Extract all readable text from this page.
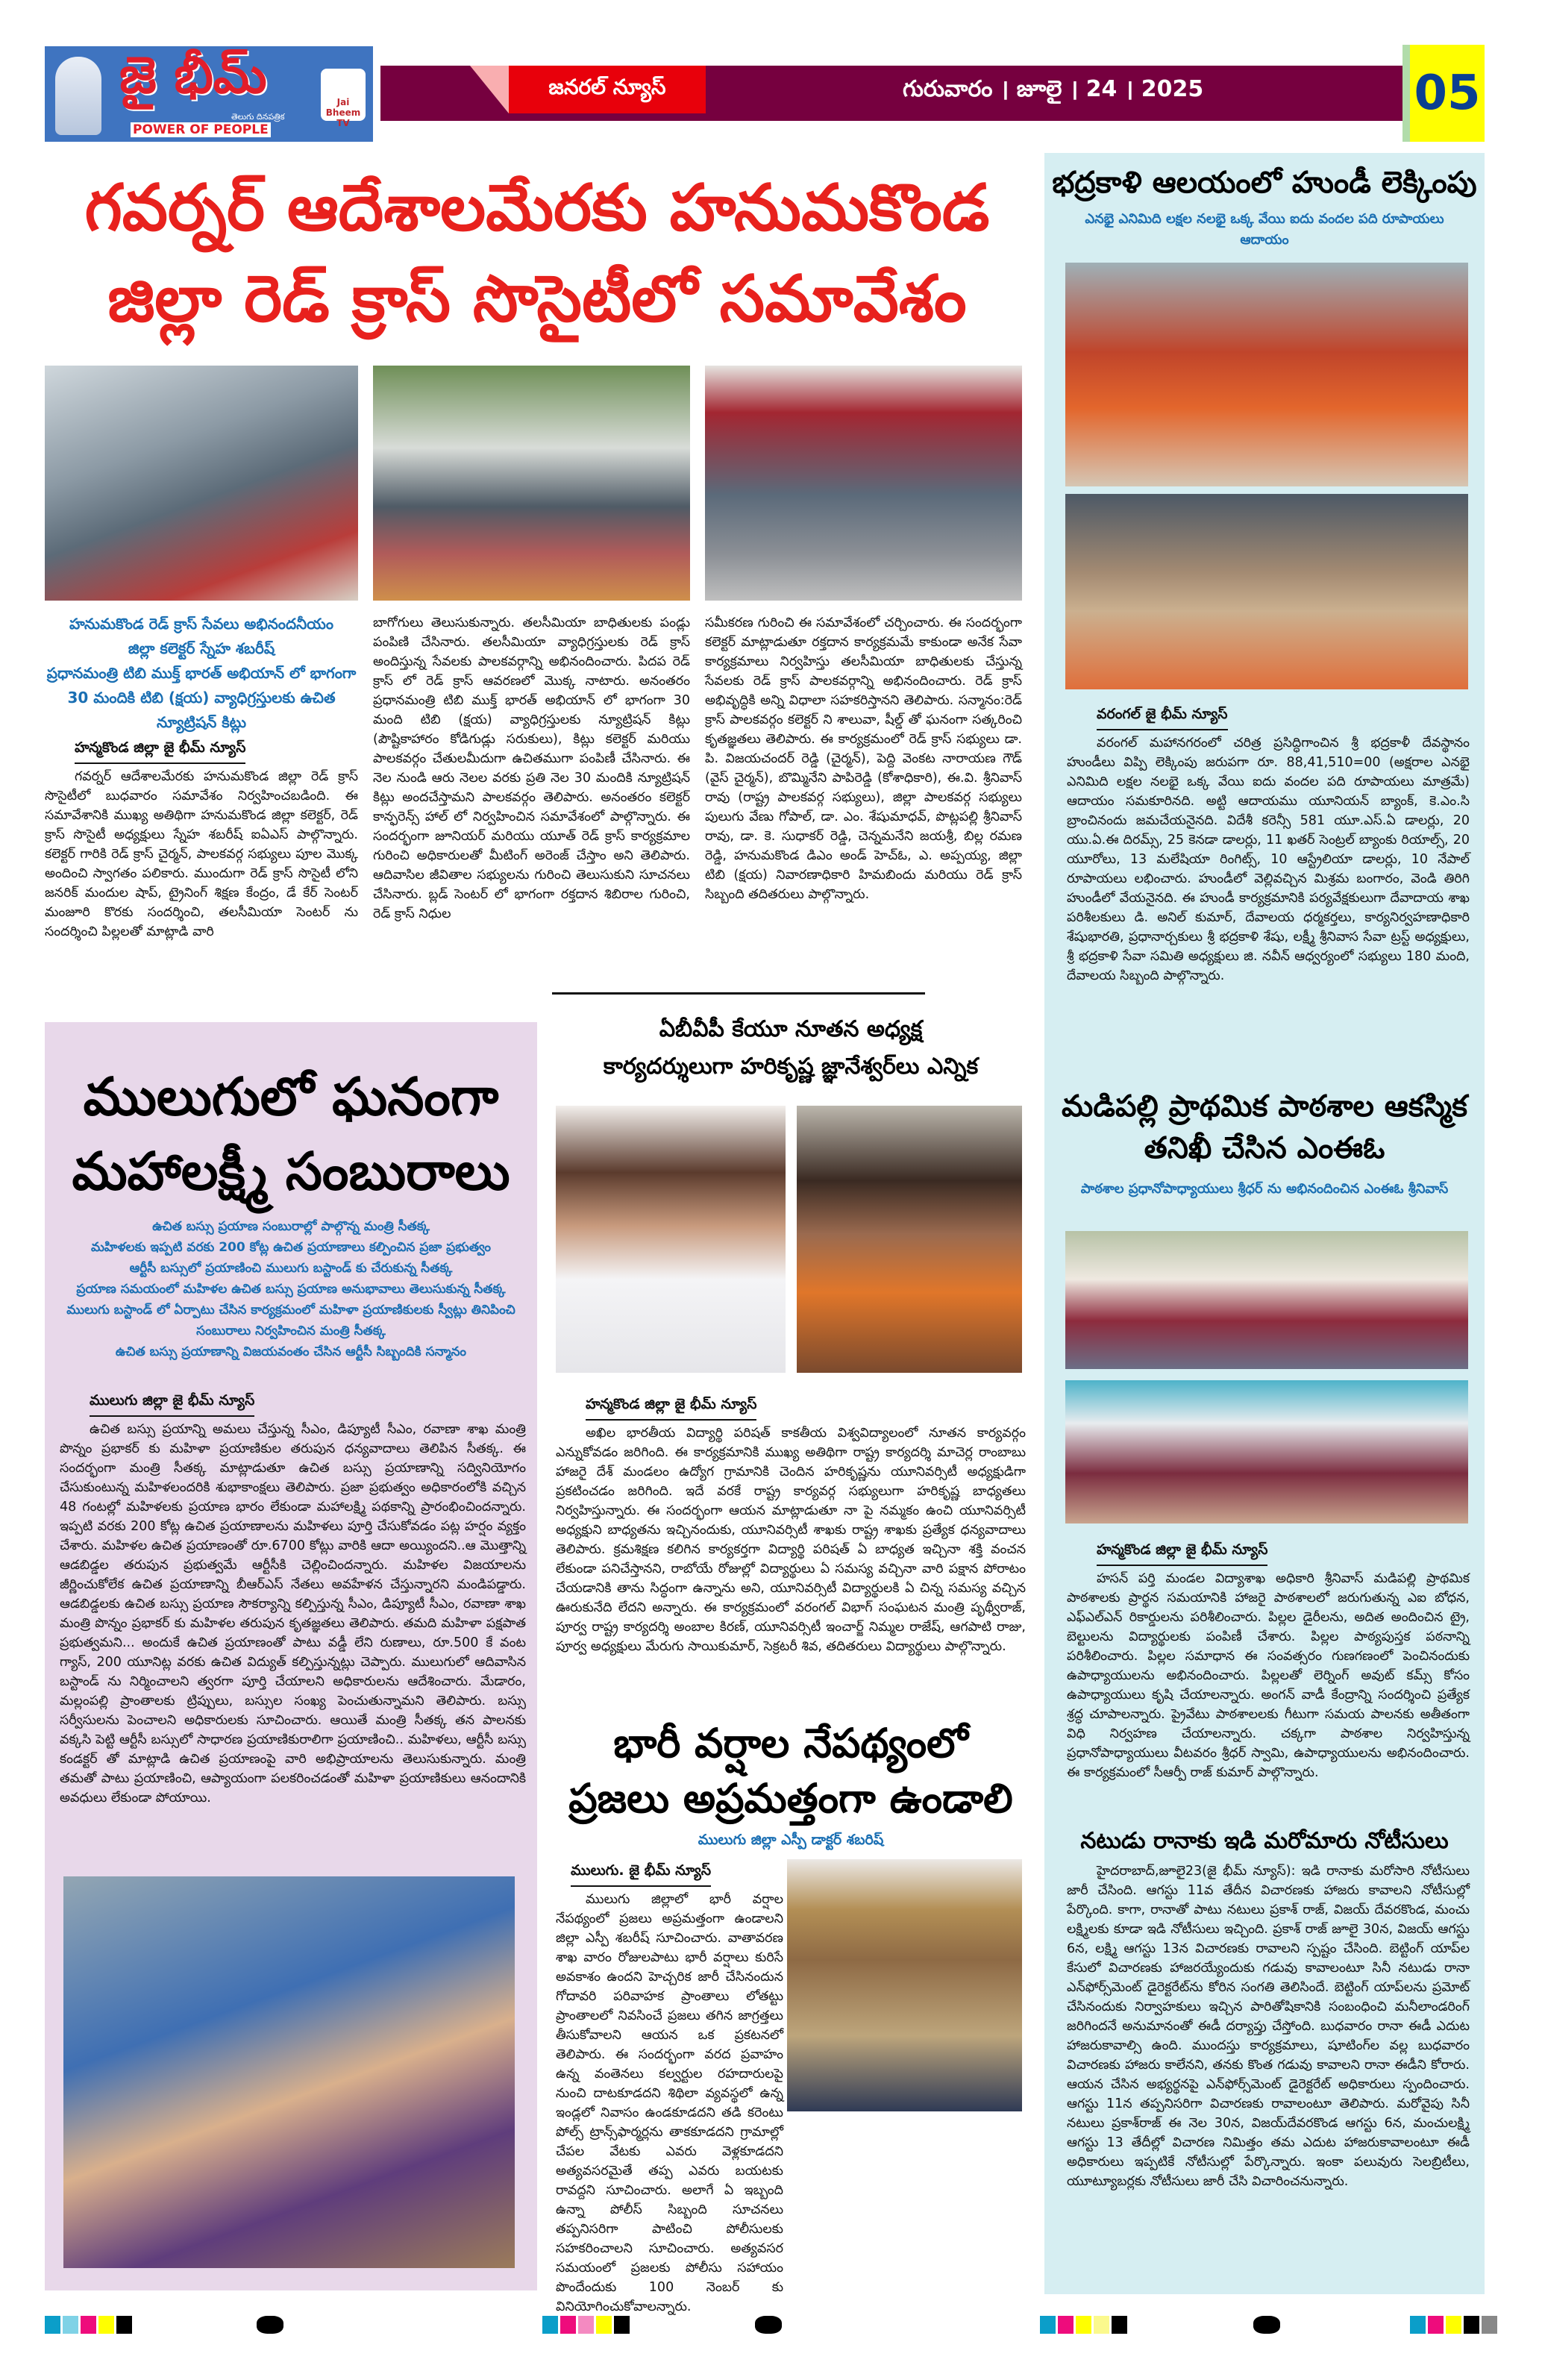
జై భీమ్
తెలుగు దినపత్రిక
POWER OF PEOPLE
Jai Bheem TV
జనరల్ న్యూస్	గురువారం । జూలై । 24 । 2025	05
గవర్నర్ ఆదేశాలమేరకు హనుమకొండ
జిల్లా రెడ్ క్రాస్ సొసైటీలో సమావేశం
హనుమకొండ రెడ్ క్రాస్ సేవలు అభినందనీయం
జిల్లా కలెక్టర్ స్నేహ శబరీష్
ప్రధానమంత్రి టిబి ముక్త్ భారత్ అభియాన్ లో భాగంగా 30 మందికి టిబి (క్షయ) వ్యాధిగ్రస్తులకు ఉచిత న్యూట్రిషన్ కిట్లు
హన్మకొండ జిల్లా జై భీమ్ న్యూస్
గవర్నర్ ఆదేశాలమేరకు హనుమకొండ జిల్లా రెడ్ క్రాస్ సొసైటీలో బుధవారం సమావేశం నిర్వహించబడింది. ఈ సమావేశానికి ముఖ్య అతిథిగా హనుమకొండ జిల్లా కలెక్టర్, రెడ్ క్రాస్ సొసైటీ అధ్యక్షులు స్నేహ శబరీష్ ఐఏఎస్ పాల్గొన్నారు. కలెక్టర్ గారికి రెడ్ క్రాస్ చైర్మన్, పాలకవర్గ సభ్యులు పూల మొక్క అందించి స్వాగతం పలికారు. ముందుగా రెడ్ క్రాస్ సొసైటీ లోని జనరిక్ మందుల షాప్, ట్రైనింగ్ శిక్షణ కేంద్రం, డే కేర్ సెంటర్ మంజూరి కొరకు సందర్శించి, తలసీమియా సెంటర్ ను సందర్శించి పిల్లలతో మాట్లాడి వారి
బాగోగులు తెలుసుకున్నారు. తలసీమియా బాధితులకు పండ్లు పంపిణి చేసినారు. తలసీమియా వ్యాధిగ్రస్తులకు రెడ్ క్రాస్ అందిస్తున్న సేవలకు పాలకవర్గాన్ని అభినందించారు. పిదప రెడ్ క్రాస్ లో రెడ్ క్రాస్ ఆవరణలో మొక్క నాటారు. అనంతరం ప్రధానమంత్రి టిబి ముక్త్ భారత్ అభియాన్ లో భాగంగా 30 మంది టిబి (క్షయ) వ్యాధిగ్రస్తులకు న్యూట్రిషన్ కిట్లు (పౌష్టికాహారం కోడిగుడ్లు సరుకులు), కిట్లు కలెక్టర్ మరియు పాలకవర్గం చేతులమీదుగా ఉచితముగా పంపిణీ చేసినారు. ఈ నెల నుండి ఆరు నెలల వరకు ప్రతి నెల 30 మందికి న్యూట్రిషన్ కిట్లు అందచేస్తామని పాలకవర్గం తెలిపారు. అనంతరం కలెక్టర్ కాన్ఫరెన్స్ హాల్ లో నిర్వహించిన సమావేశంలో పాల్గొన్నారు. ఈ సందర్భంగా జూనియర్ మరియు యూత్ రెడ్ క్రాస్ కార్యక్రమాల గురించి అధికారులతో మీటింగ్ అరెంజ్ చేస్తాం అని తెలిపారు. ఆదివాసిల జీవితాల సభ్యులను గురించి తెలుసుకుని సూచనలు చేసినారు. బ్లడ్ సెంటర్ లో భాగంగా రక్తదాన శిబిరాల గురించి, రెడ్ క్రాస్ నిధుల
సమీకరణ గురించి ఈ సమావేశంలో చర్చించారు. ఈ సందర్భంగా కలెక్టర్ మాట్లాడుతూ రక్తదాన కార్యక్రమమే కాకుండా అనేక సేవా కార్యక్రమాలు నిర్వహిస్తు తలసీమియా బాధితులకు చేస్తున్న సేవలకు రెడ్ క్రాస్ పాలకవర్గాన్ని అభినందించారు. రెడ్ క్రాస్ అభివృద్ధికి అన్ని విధాలా సహకరిస్తానని తెలిపారు. సన్మానం:రెడ్ క్రాస్ పాలకవర్గం కలెక్టర్ ని శాలువా, షీల్డ్ తో ఘనంగా సత్కరించి కృతజ్ఞతలు తెలిపారు. ఈ కార్యక్రమంలో రెడ్ క్రాస్ సభ్యులు డా. పి. విజయచందర్ రెడ్డి (చైర్మన్), పెద్ది వెంకట నారాయణ గౌడ్ (వైస్ చైర్మన్), బొమ్మినేని పాపిరెడ్డి (కోశాధికారి), ఈ.వి. శ్రీనివాస్ రావు (రాష్ట్ర పాలకవర్గ సభ్యులు), జిల్లా పాలకవర్గ సభ్యులు పులుగు వేణు గోపాల్, డా. ఎం. శేషుమాధవ్, పొట్లపల్లి శ్రీనివాస్ రావు, డా. కె. సుధాకర్ రెడ్డి, చెన్నమనేని జయశ్రీ, బిల్ల రమణ రెడ్డి, హనుమకొండ డిఎం అండ్ హెచ్ఓ, ఎ. అప్పయ్య, జిల్లా టిబి (క్షయ) నివారణాధికారి హిమబిందు మరియు రెడ్ క్రాస్ సిబ్బంది తదితరులు పాల్గొన్నారు.
భద్రకాళి ఆలయంలో హుండీ లెక్కింపు
ఎనభై ఎనిమిది లక్షల నలభై ఒక్క వేయి ఐదు వందల పది రూపాయలు ఆదాయం
వరంగల్ జై భీమ్ న్యూస్
వరంగల్ మహానగరంలో చరిత్ర ప్రసిద్ధిగాంచిన శ్రీ భద్రకాళీ దేవస్థానం హుండీలు విప్పి లెక్కింపు జరుపగా రూ. 88,41,510=00 (అక్షరాల ఎనభై ఎనిమిది లక్షల నలభై ఒక్క వేయి ఐదు వందల పది రూపాయలు మాత్రమే) ఆదాయం సమకూరినది. అట్టి ఆదాయము యూనియన్ బ్యాంక్, కె.ఎం.సి బ్రాంచినందు జమచేయనైనది. విదేశీ కరెన్సీ 581 యూ.ఎస్.ఏ డాలర్లు, 20 యు.ఏ.ఈ దిరమ్స్, 25 కెనడా డాలర్లు, 11 ఖతర్ సెంట్రల్ బ్యాంకు రియాల్స్, 20 యూరోలు, 13 మలేషియా రింగిట్స్, 10 ఆస్ట్రేలియా డాలర్లు, 10 నేపాల్ రూపాయలు లభించారు. హుండీలో వెల్లివచ్చిన మిశ్రమ బంగారం, వెండి తిరిగి హుండీలో వేయనైనది. ఈ హుండీ కార్యక్రమానికి పర్యవేక్షకులుగా దేవాదాయ శాఖ పరిశీలకులు డి. అనిల్ కుమార్, దేవాలయ ధర్మకర్తలు, కార్యనిర్వహణాధికారి శేషుభారతి, ప్రధానార్చకులు శ్రీ భద్రకాళి శేషు, లక్ష్మీ శ్రీనివాస సేవా ట్రస్ట్ అధ్యక్షులు, శ్రీ భద్రకాళి సేవా సమితి అధ్యక్షులు జి. నవీన్ ఆధ్వర్యంలో సభ్యులు 180 మంది, దేవాలయ సిబ్బంది పాల్గొన్నారు.
మడిపల్లి ప్రాథమిక పాఠశాల ఆకస్మిక తనిఖీ చేసిన ఎంఈఓ
పాఠశాల ప్రధానోపాధ్యాయులు శ్రీధర్ ను అభినందించిన ఎంఈఓ శ్రీనివాస్
హన్మకొండ జిల్లా జై భీమ్ న్యూస్
హసన్ పర్తి మండల విద్యాశాఖ అధికారి శ్రీనివాస్ మడిపల్లి ప్రాథమిక పాఠశాలకు ప్రార్థన సమయానికి హాజరై పాఠశాలలో జరుగుతున్న ఎఐ బోధన, ఎఫ్ఎల్ఎన్ రికార్డులను పరిశీలించారు. పిల్లల డైరీలను, అదిత అందించిన ట్రై, బెల్టులను విద్యార్థులకు పంపిణీ చేశారు. పిల్లల పాఠ్యపుస్తక పఠనాన్ని పరిశీలించారు. పిల్లల సమాధాన ఈ సంవత్సరం గుణగణంలో పెంచినందుకు ఉపాధ్యాయులను అభినందించారు. పిల్లలతో లెర్నింగ్ అవుట్ కమ్స్ కోసం ఉపాధ్యాయులు కృషి చేయాలన్నారు. అంగన్ వాడీ కేంద్రాన్ని సందర్శించి ప్రత్యేక శ్రద్ధ చూపాలన్నారు. ప్రైవేటు పాఠశాలలకు గీటుగా సమయ పాలనకు అతీతంగా విధి నిర్వహణ చేయాలన్నారు. చక్కగా పాఠశాల నిర్వహిస్తున్న ప్రధానోపాధ్యాయులు వీటవరం శ్రీధర్ స్వామి, ఉపాధ్యాయులను అభినందించారు. ఈ కార్యక్రమంలో సీఆర్పీ రాజ్ కుమార్ పాల్గొన్నారు.
నటుడు రానాకు ఇడి మరోమారు నోటీసులు
హైదరాబాద్,జూలై23(జై భీమ్ న్యూస్): ఇడి రానాకు మరోసారి నోటీసులు జారీ చేసింది. ఆగస్టు 11వ తేదీన విచారణకు హాజరు కావాలని నోటీసుల్లో పేర్కొంది. కాగా, రానాతో పాటు నటులు ప్రకాశ్ రాజ్, విజయ్ దేవరకొండ, మంచు లక్ష్మిలకు కూడా ఇడి నోటీసులు ఇచ్చింది. ప్రకాశ్ రాజ్ జూలై 30న, విజయ్ ఆగస్టు 6న, లక్ష్మి ఆగస్టు 13న విచారణకు రావాలని స్పష్టం చేసింది. బెట్టింగ్ యాప్‌ల కేసులో విచారణకు హాజరయ్యేందుకు గడువు కావాలంటూ సినీ నటుడు రానా ఎన్‌ఫోర్స్‌మెంట్ డైరెక్టరేట్‌ను కోరిన సంగతి తెలిసిందే. బెట్టింగ్ యాప్‌లను ప్రమోట్ చేసినందుకు నిర్వాహకులు ఇచ్చిన పారితోషికానికి సంబంధించి మనీలాండరింగ్ జరిగిందనే అనుమానంతో ఈడీ దర్యాప్తు చేస్తోంది. బుధవారం రానా ఈడీ ఎదుట హాజరుకావాల్సి ఉంది. ముందస్తు కార్యక్రమాలు, షూటింగ్‌ల వల్ల బుధవారం విచారణకు హాజరు కాలేనని, తనకు కొంత గడువు కావాలని రానా ఈడీని కోరారు. ఆయన చేసిన అభ్యర్థనపై ఎన్‌ఫోర్స్‌మెంట్ డైరెక్టరేట్ అధికారులు స్పందించారు. ఆగస్టు 11న తప్పనిసరిగా విచారణకు రావాలంటూ తెలిపారు. మరోవైపు సినీ నటులు ప్రకాశ్‌రాజ్ ఈ నెల 30న, విజయ్‌దేవరకొండ ఆగస్టు 6న, మంచులక్ష్మి ఆగస్టు 13 తేదీల్లో విచారణ నిమిత్తం తమ ఎదుట హాజరుకావాలంటూ ఈడీ అధికారులు ఇప్పటికే నోటీసుల్లో పేర్కొన్నారు. ఇంకా పలువురు సెలబ్రిటీలు, యూట్యూబర్లకు నోటీసులు జారీ చేసి విచారించనున్నారు.
ములుగులో ఘనంగా
మహాలక్ష్మీ సంబురాలు
ఉచిత బస్సు ప్రయాణ సంబురాల్లో పాల్గొన్న మంత్రి సీతక్క
మహిళలకు ఇప్పటి వరకు 200 కోట్ల ఉచిత ప్రయాణాలు కల్పించిన ప్రజా ప్రభుత్వం
ఆర్టీసీ బస్సులో ప్రయాణించి ములుగు బస్టాండ్ కు చేరుకున్న సీతక్క
ప్రయాణ సమయంలో మహిళల ఉచిత బస్సు ప్రయాణ అనుభావాలు తెలుసుకున్న సీతక్క
ములుగు బస్టాండ్ లో ఏర్పాటు చేసిన కార్యక్రమంలో మహిళా ప్రయాణికులకు స్వీట్లు తినిపించి సంబురాలు నిర్వహించిన మంత్రి సీతక్క
ఉచిత బస్సు ప్రయాణాన్ని విజయవంతం చేసిన ఆర్టీసీ సిబ్బందికి సన్మానం
ములుగు జిల్లా జై భీమ్ న్యూస్
ఉచిత బస్సు ప్రయాన్ని అమలు చేస్తున్న సీఎం, డిప్యూటీ సీఎం, రవాణా శాఖ మంత్రి పొన్నం ప్రభాకర్ కు మహిళా ప్రయాణికుల తరుపున ధన్యవాదాలు తెలిపిన సీతక్క. ఈ సందర్భంగా మంత్రి సీతక్క మాట్లాడుతూ ఉచిత బస్సు ప్రయాణాన్ని సద్వినియోగం చేసుకుంటున్న మహిళలందరికి శుభాకాంక్షలు తెలిపారు. ప్రజా ప్రభుత్వం అధికారంలోకి వచ్చిన 48 గంటల్లో మహిళలకు ప్రయాణ భారం లేకుండా మహాలక్ష్మి పథకాన్ని ప్రారంభించిందన్నారు. ఇప్పటి వరకు 200 కోట్ల ఉచిత ప్రయాణాలను మహిళలు పూర్తి చేసుకోవడం పట్ల హర్షం వ్యక్తం చేశారు. మహిళల ఉచిత ప్రయాణంతో రూ.6700 కోట్లు వారికి ఆదా అయ్యిందని..ఆ మొత్తాన్ని ఆడబిడ్డల తరుపున ప్రభుత్వమే ఆర్టీసీకి చెల్లించిందన్నారు. మహిళల విజయాలను జీర్ణించుకోలేక ఉచిత ప్రయాణాన్ని బీఆర్ఎస్ నేతలు అవహేళన చేస్తున్నారని మండిపడ్డారు. ఆడబిడ్డలకు ఉచిత బస్సు ప్రయాణ సౌకర్యాన్ని కల్పిస్తున్న సీఎం, డిప్యూటీ సీఎం, రవాణా శాఖ మంత్రి పొన్నం ప్రభాకర్ కు మహిళల తరుపున కృతజ్ఞతలు తెలిపారు. తమది మహిళా పక్షపాత ప్రభుత్వమని... అందుకే ఉచిత ప్రయాణంతో పాటు వడ్డీ లేని రుణాలు, రూ.500 కే వంట గ్యాస్, 200 యూనిట్ల వరకు ఉచిత విద్యుత్ కల్పిస్తున్నట్లు చెప్పారు. ములుగులో ఆదివాసిన బస్టాండ్ ను నిర్మించాలని త్వరగా పూర్తి చేయాలని అధికారులను ఆదేశించారు. మేడారం, మల్లంపల్లి ప్రాంతాలకు ట్రిప్పులు, బస్సుల సంఖ్య పెంచుతున్నామని తెలిపారు. బస్సు సర్వీసులను పెంచాలని అధికారులకు సూచించారు. ఆయితే మంత్రి సీతక్క తన పాలనకు వక్కసి పెట్టి ఆర్టీసీ బస్సులో సాధారణ ప్రయాణికురాలిగా ప్రయాణించి.. మహిళలు, ఆర్టీసీ బస్సు కండక్టర్ తో మాట్లాడి ఉచిత ప్రయాణంపై వారి అభిప్రాయాలను తెలుసుకున్నారు. మంత్రి తమతో పాటు ప్రయాణించి, ఆప్యాయంగా పలకరించడంతో మహిళా ప్రయాణికులు ఆనందానికి అవధులు లేకుండా పోయాయి.
ఏబీవీపీ కేయూ నూతన అధ్యక్ష
కార్యదర్శులుగా హరికృష్ణ జ్ఞానేశ్వర్‌లు ఎన్నిక
హన్మకొండ జిల్లా జై భీమ్ న్యూస్
అఖిల భారతీయ విద్యార్థి పరిషత్ కాకతీయ విశ్వవిద్యాలంలో నూతన కార్యవర్గం ఎన్నుకోవడం జరిగింది. ఈ కార్యక్రమానికి ముఖ్య అతిథిగా రాష్ట్ర కార్యదర్శి మాచెర్ల రాంబాబు హాజరై దేశ్ మండలం ఉద్యోగ గ్రామానికి చెందిన హరికృష్ణను యూనివర్సిటీ అధ్యక్షుడిగా ప్రకటించడం జరిగింది. ఇదే వరకే రాష్ట్ర కార్యవర్గ సభ్యులుగా హరికృష్ణ బాధ్యతలు నిర్వహిస్తున్నారు. ఈ సందర్భంగా ఆయన మాట్లాడుతూ నా పై నమ్మకం ఉంచి యూనివర్సిటీ అధ్యక్షుని బాధ్యతను ఇచ్చినందుకు, యూనివర్సిటీ శాఖకు రాష్ట్ర శాఖకు ప్రత్యేక ధన్యవాదాలు తెలిపారు. క్రమశిక్షణ కలిగిన కార్యకర్తగా విద్యార్థి పరిషత్ ఏ బాధ్యత ఇచ్చినా శక్తి వంచన లేకుండా పనిచేస్తానని, రాబోయే రోజుల్లో విద్యార్థులు ఏ సమస్య వచ్చినా వారి పక్షాన పోరాటం చేయడానికి తాను సిద్ధంగా ఉన్నాను అని, యూనివర్సిటీ విద్యార్థులకి ఏ చిన్న సమస్య వచ్చిన ఊరుకునేది లేదని అన్నారు. ఈ కార్యక్రమంలో వరంగల్ విభాగ్ సంఘటన మంత్రి పృథ్వీరాజ్, పూర్వ రాష్ట్ర కార్యదర్శి అంబాల కిరణ్, యూనివర్సిటీ ఇంచార్జ్ నిమ్మల రాజేష్, ఆగపాటి రాజు, పూర్వ అధ్యక్షులు మేరుగు సాయికుమార్, సెక్రటరీ శివ, తదితరులు విద్యార్థులు పాల్గొన్నారు.
భారీ వర్షాల నేపథ్యంలో
ప్రజలు అప్రమత్తంగా ఉండాలి
ములుగు జిల్లా ఎస్పీ డాక్టర్ శబరిష్
ములుగు. జై భీమ్ న్యూస్
ములుగు జిల్లాలో భారీ వర్షాల నేపథ్యంలో ప్రజలు అప్రమత్తంగా ఉండాలని జిల్లా ఎస్పీ శబరీష్ సూచించారు. వాతావరణ శాఖ వారం రోజులపాటు భారీ వర్షాలు కురిసే అవకాశం ఉందని హెచ్చరిక జారీ చేసినందున గోదావరి పరివాహక ప్రాంతాలు లోతట్టు ప్రాంతాలలో నివసించే ప్రజలు తగిన జాగ్రత్తలు తీసుకోవాలని ఆయన ఒక ప్రకటనలో తెలిపారు. ఈ సందర్భంగా వరద ప్రవాహం ఉన్న వంతెనలు కల్వర్టుల రహదారులపై నుంచి దాటకూడదని శిథిలా వ్యవస్థలో ఉన్న ఇండ్లలో నివాసం ఉండకూడదని తడి కరెంటు పోల్స్ ట్రాన్స్‌ఫార్మర్లను తాకకూడదని గ్రామాల్లో చేపల వేటకు ఎవరు వెళ్లకూడదని అత్యవసరమైతే తప్ప ఎవరు బయటకు రావద్దని సూచించారు. అలాగే ఏ ఇబ్బంది ఉన్నా పోలీస్ సిబ్బంది సూచనలు తప్పనిసరిగా పాటించి పోలీసులకు సహకరించాలని సూచించారు. అత్యవసర సమయంలో ప్రజలకు పోలీసు సహాయం పొందేందుకు 100 నెంబర్ కు వినియోగించుకోవాలన్నారు.
